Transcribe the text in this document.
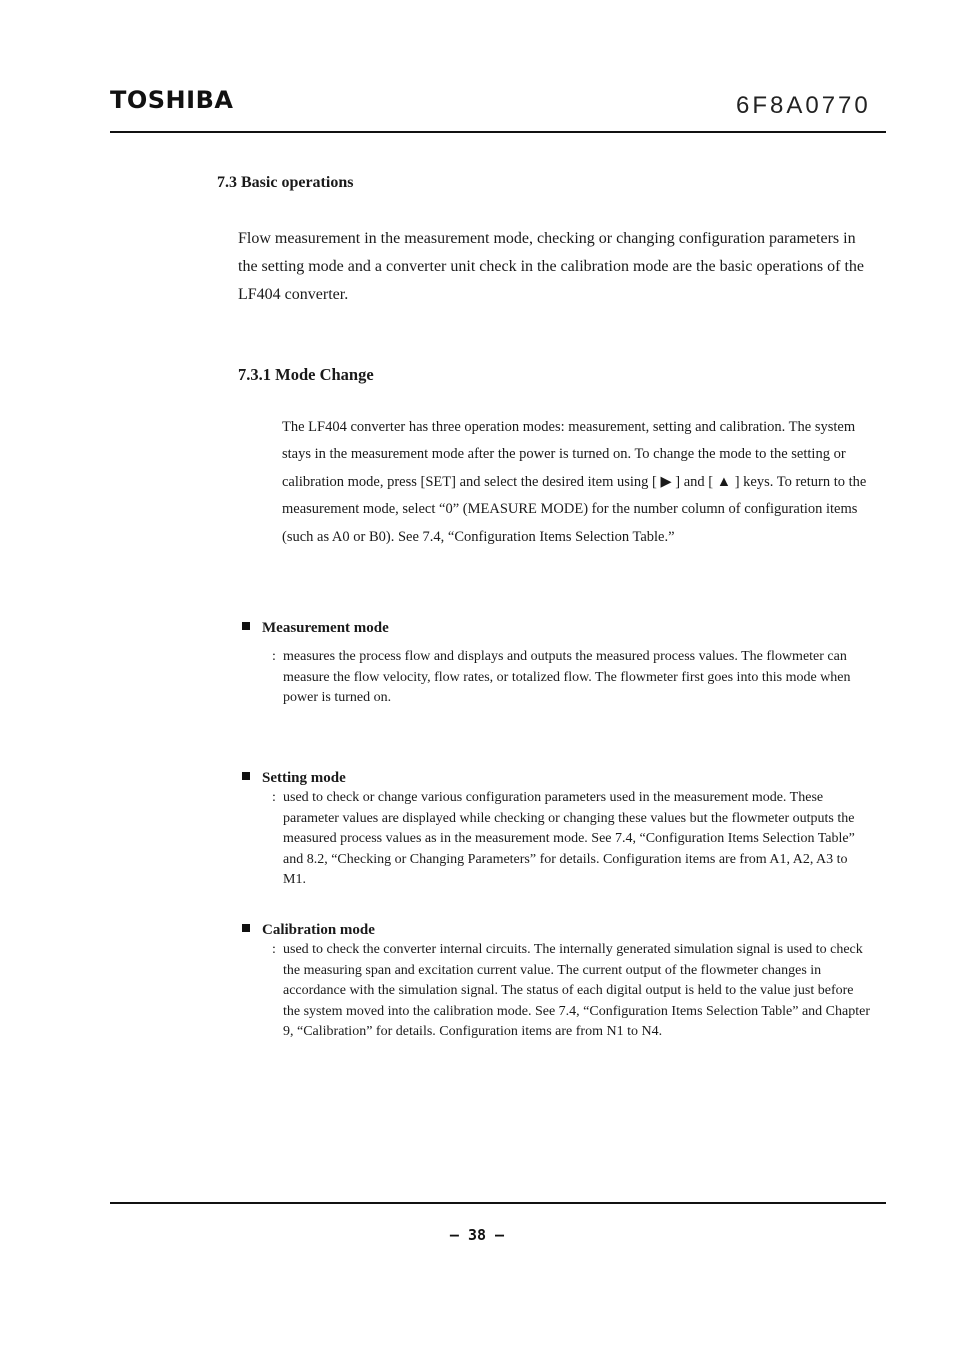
TOSHIBA	6F8A0770
7.3 Basic operations
Flow measurement in the measurement mode, checking or changing configuration parameters in the setting mode and a converter unit check in the calibration mode are the basic operations of the LF404 converter.
7.3.1 Mode Change
The LF404 converter has three operation modes: measurement, setting and calibration. The system stays in the measurement mode after the power is turned on. To change the mode to the setting or calibration mode, press [SET] and select the desired item using [ ▶ ] and [ ▲ ] keys. To return to the measurement mode, select “0” (MEASURE MODE) for the number column of configuration items (such as A0 or B0). See 7.4, “Configuration Items Selection Table.”
Measurement mode
: measures the process flow and displays and outputs the measured process values. The flowmeter can measure the flow velocity, flow rates, or totalized flow. The flowmeter first goes into this mode when power is turned on.
Setting mode
: used to check or change various configuration parameters used in the measurement mode. These parameter values are displayed while checking or changing these values but the flowmeter outputs the measured process values as in the measurement mode. See 7.4, “Configuration Items Selection Table” and 8.2, “Checking or Changing Parameters” for details. Configuration items are from A1, A2, A3 to M1.
Calibration mode
: used to check the converter internal circuits. The internally generated simulation signal is used to check the measuring span and excitation current value. The current output of the flowmeter changes in accordance with the simulation signal. The status of each digital output is held to the value just before the system moved into the calibration mode. See 7.4, “Configuration Items Selection Table” and Chapter 9, “Calibration” for details. Configuration items are from N1 to N4.
– 38 –
